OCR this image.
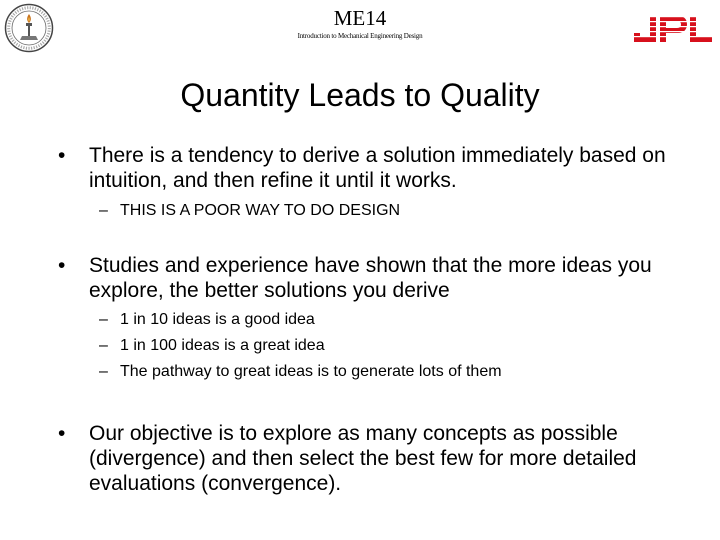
ME14
Introduction to Mechanical Engineering Design
Quantity Leads to Quality
•	There is a tendency to derive a solution immediately based on intuition, and then refine it until it works.
– THIS IS A POOR WAY TO DO DESIGN
•	Studies and experience have shown that the more ideas you explore, the better solutions you derive
– 1 in 10 ideas is a good idea
– 1 in 100 ideas is a great idea
– The pathway to great ideas is to generate lots of them
•	Our objective is to explore as many concepts as possible (divergence) and then select the best few for more detailed evaluations (convergence).
